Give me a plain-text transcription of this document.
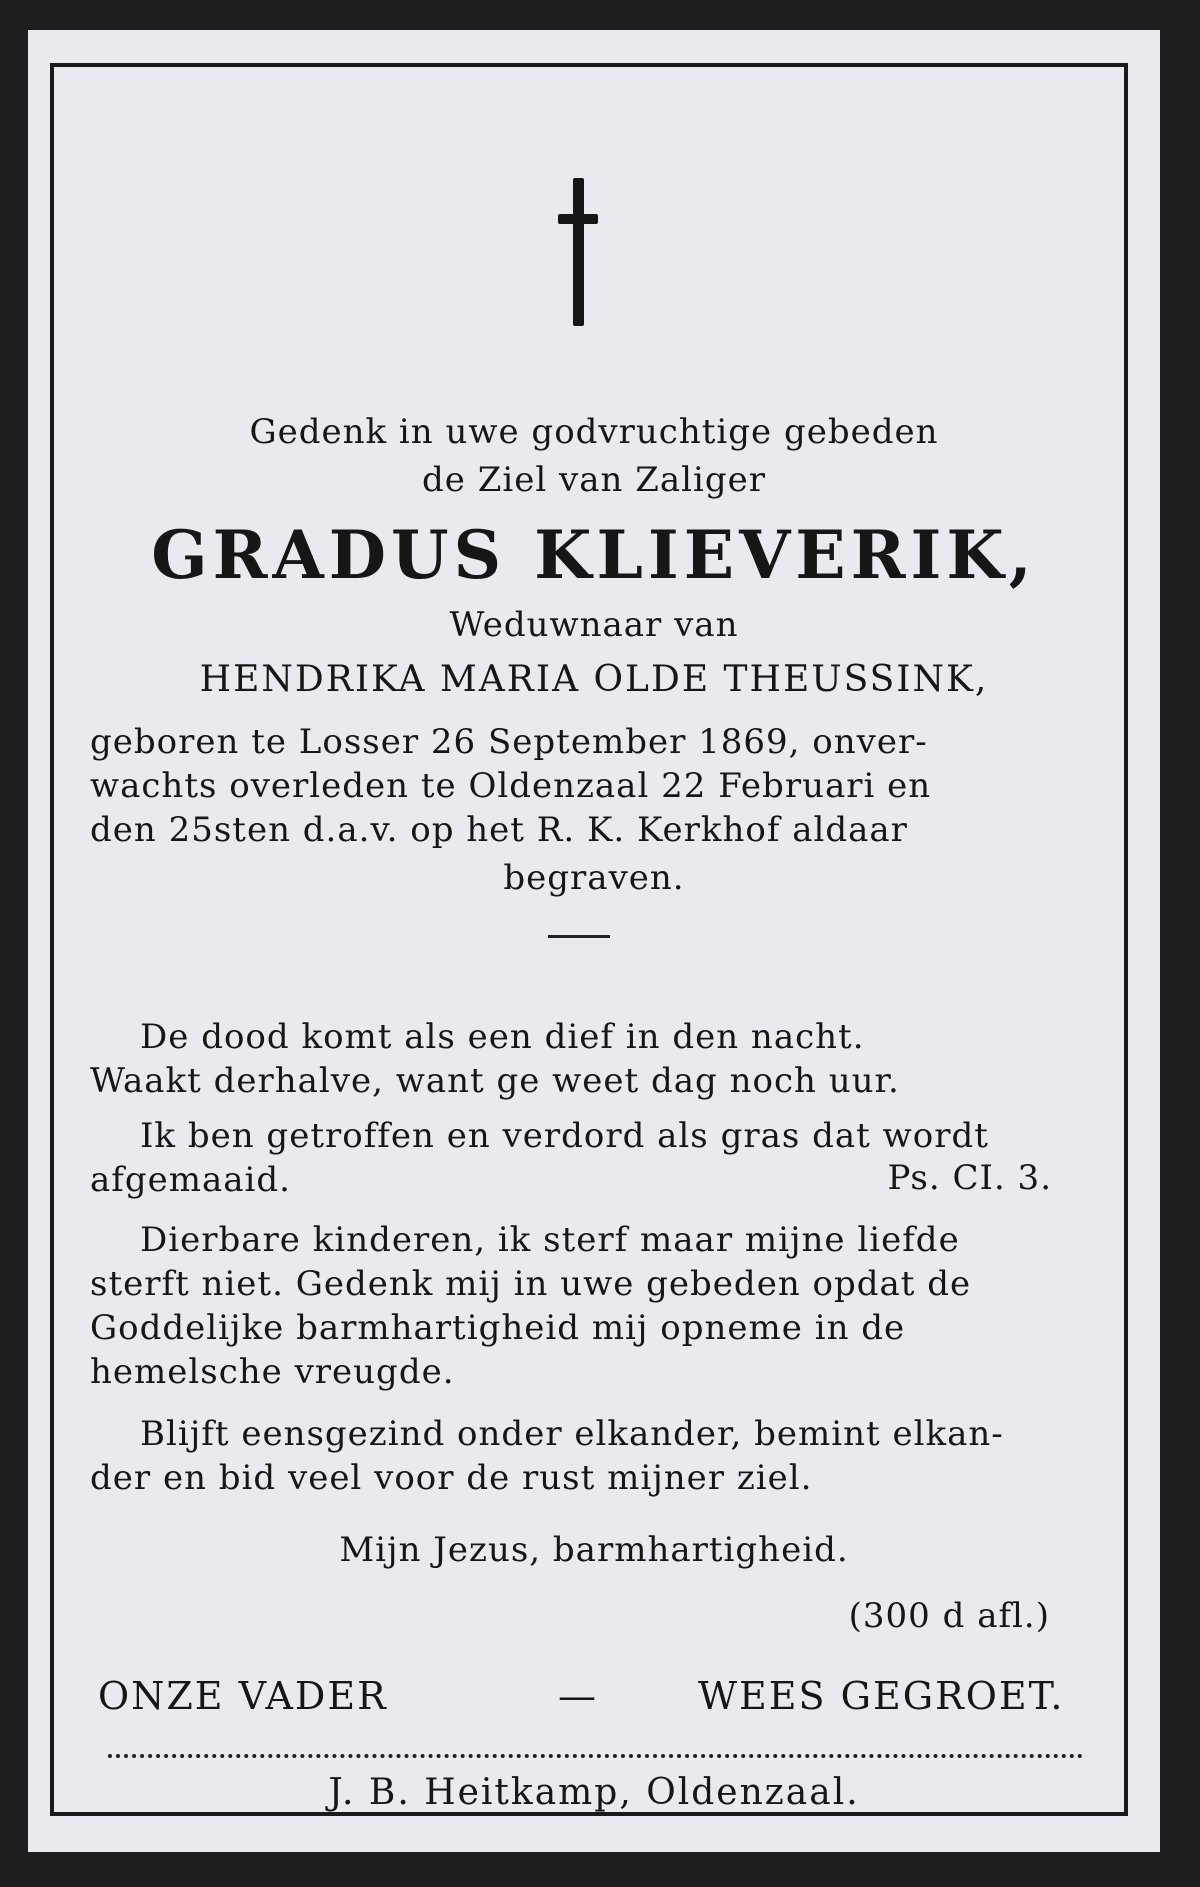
Gedenk in uwe godvruchtige gebeden

de Ziel van Zaliger

GRADUS KLIEVERIK,

Weduwnaar van

HENDRIKA MARIA OLDE THEUSSINK,

geboren te Losser 26 September 1869, onver-
wachts overleden te Oldenzaal 22 Februari en
den 25sten d.a.v. op het R. K. Kerkhof aldaar

begraven.

De dood komt als een dief in den nacht.
Waakt derhalve, want ge weet dag noch uur.
Ik ben getroffen en verdord als gras dat wordt
afgemaaid.	Ps. CI. 3.
Dierbare kinderen, ik sterf maar mijne liefde
sterft niet. Gedenk mij in uwe gebeden opdat de
Goddelijke barmhartigheid mij opneme in de
hemelsche vreugde.
Blijft eensgezind onder elkander, bemint elkan-
der en bid veel voor de rust mijner ziel.

Mijn Jezus, barmhartigheid.

(300 d afl.)
ONZE VADER	—	WEES GEGROET.

J. B. Heitkamp, Oldenzaal.
